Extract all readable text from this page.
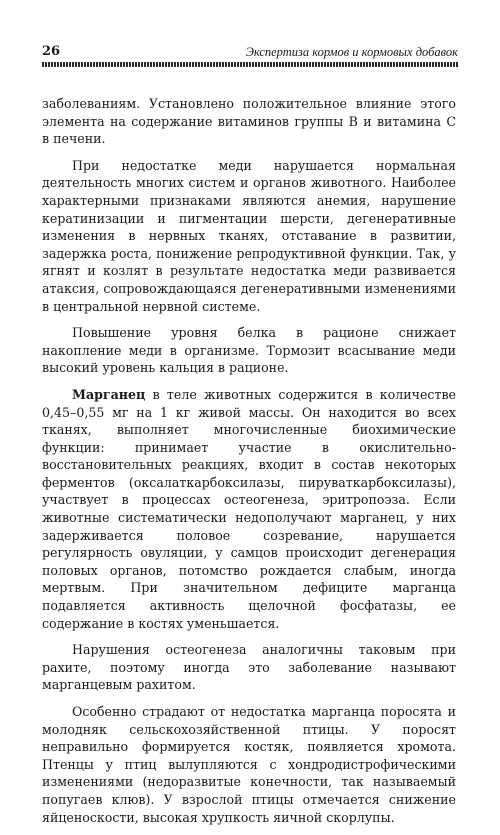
26	Экспертиза кормов и кормовых добавок

заболеваниям. Установлено положительное влияние этого элемента на содержание витаминов группы В и витамина С в печени.

При недостатке меди нарушается нормальная деятельность многих систем и органов животного. Наиболее характерными признаками являются анемия, нарушение кератинизации и пигментации шерсти, дегенеративные изменения в нервных тканях, отставание в развитии, задержка роста, понижение репродуктивной функции. Так, у ягнят и козлят в результате недостатка меди развивается атаксия, сопровождающаяся дегенеративными изменениями в центральной нервной системе.

Повышение уровня белка в рационе снижает накопление меди в организме. Тормозит всасывание меди высокий уровень кальция в рационе.

Марганец в теле животных содержится в количестве 0,45–0,55 мг на 1 кг живой массы. Он находится во всех тканях, выполняет многочисленные биохимические функции: принимает участие в окислительно-восстановительных реакциях, входит в состав некоторых ферментов (оксалаткарбоксилазы, пируваткарбоксилазы), участвует в процессах остеогенеза, эритропоэза. Если животные систематически недополучают марганец, у них задерживается половое созревание, нарушается регулярность овуляции, у самцов происходит дегенерация половых органов, потомство рождается слабым, иногда мертвым. При значительном дефиците марганца подавляется активность щелочной фосфатазы, ее содержание в костях уменьшается.

Нарушения остеогенеза аналогичны таковым при рахите, поэтому иногда это заболевание называют марганцевым рахитом.

Особенно страдают от недостатка марганца поросята и молодняк сельскохозяйственной птицы. У поросят неправильно формируется костяк, появляется хромота. Птенцы у птиц вылупляются с хондродистрофическими изменениями (недоразвитые конечности, так называемый попугаев клюв). У взрослой птицы отмечается снижение яйценоскости, высокая хрупкость яичной скорлупы.
